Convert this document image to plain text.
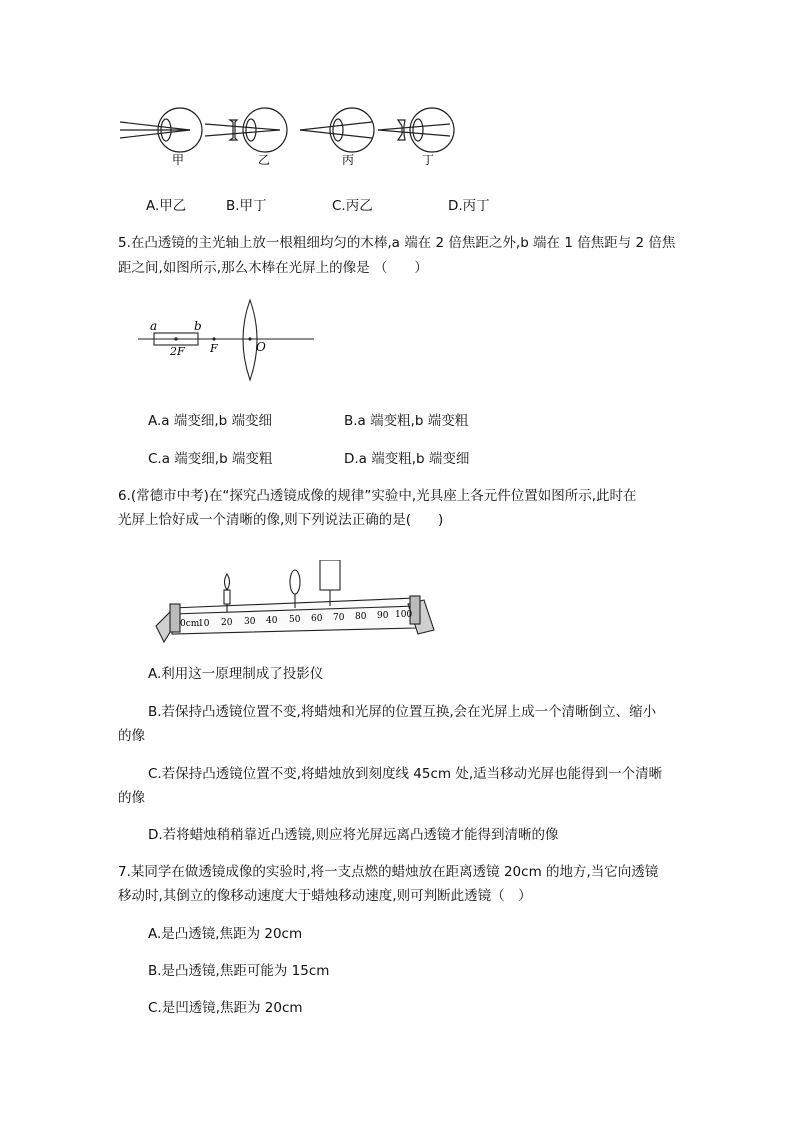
甲	乙	丙	丁
A.甲乙	B.甲丁	C.丙乙	D.丙丁
5.在凸透镜的主光轴上放一根粗细均匀的木棒,a 端在 2 倍焦距之外,b 端在 1 倍焦距与 2 倍焦
距之间,如图所示,那么木棒在光屏上的像是 （　　）
a	b
2F F	O
A.a 端变细,b 端变细	B.a 端变粗,b 端变粗
C.a 端变细,b 端变粗	D.a 端变粗,b 端变细
6.(常德市中考)在“探究凸透镜成像的规律”实验中,光具座上各元件位置如图所示,此时在
光屏上恰好成一个清晰的像,则下列说法正确的是(　　)
0cm
10 20 30 40 50 60 70 80 90 100
A.利用这一原理制成了投影仪
B.若保持凸透镜位置不变,将蜡烛和光屏的位置互换,会在光屏上成一个清晰倒立、缩小
的像
C.若保持凸透镜位置不变,将蜡烛放到刻度线 45cm 处,适当移动光屏也能得到一个清晰
的像
D.若将蜡烛稍稍靠近凸透镜,则应将光屏远离凸透镜才能得到清晰的像
7.某同学在做透镜成像的实验时,将一支点燃的蜡烛放在距离透镜 20cm 的地方,当它向透镜
移动时,其倒立的像移动速度大于蜡烛移动速度,则可判断此透镜（　）
A.是凸透镜,焦距为 20cm
B.是凸透镜,焦距可能为 15cm
C.是凹透镜,焦距为 20cm
